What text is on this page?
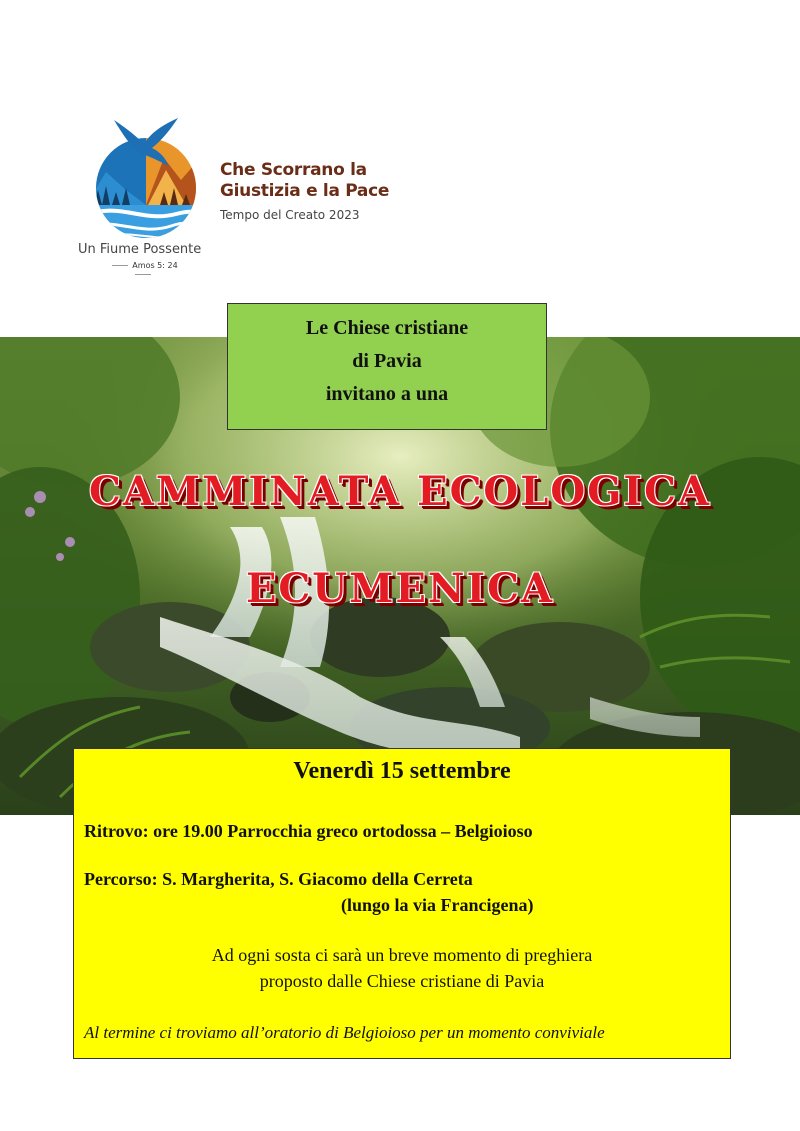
Che Scorrano la
Giustizia e la Pace
Tempo del Creato 2023
Un Fiume Possente
Amos 5: 24
Le Chiese cristiane
di Pavia
invitano a una
CAMMINATA ECOLOGICA
ECUMENICA
Venerdì 15 settembre
Ritrovo: ore 19.00 Parrocchia greco ortodossa – Belgioioso
Percorso: S. Margherita, S. Giacomo della Cerreta
(lungo la via Francigena)
Ad ogni sosta ci sarà un breve momento di preghiera
proposto dalle Chiese cristiane di Pavia
Al termine ci troviamo all’oratorio di Belgioioso per un momento conviviale
